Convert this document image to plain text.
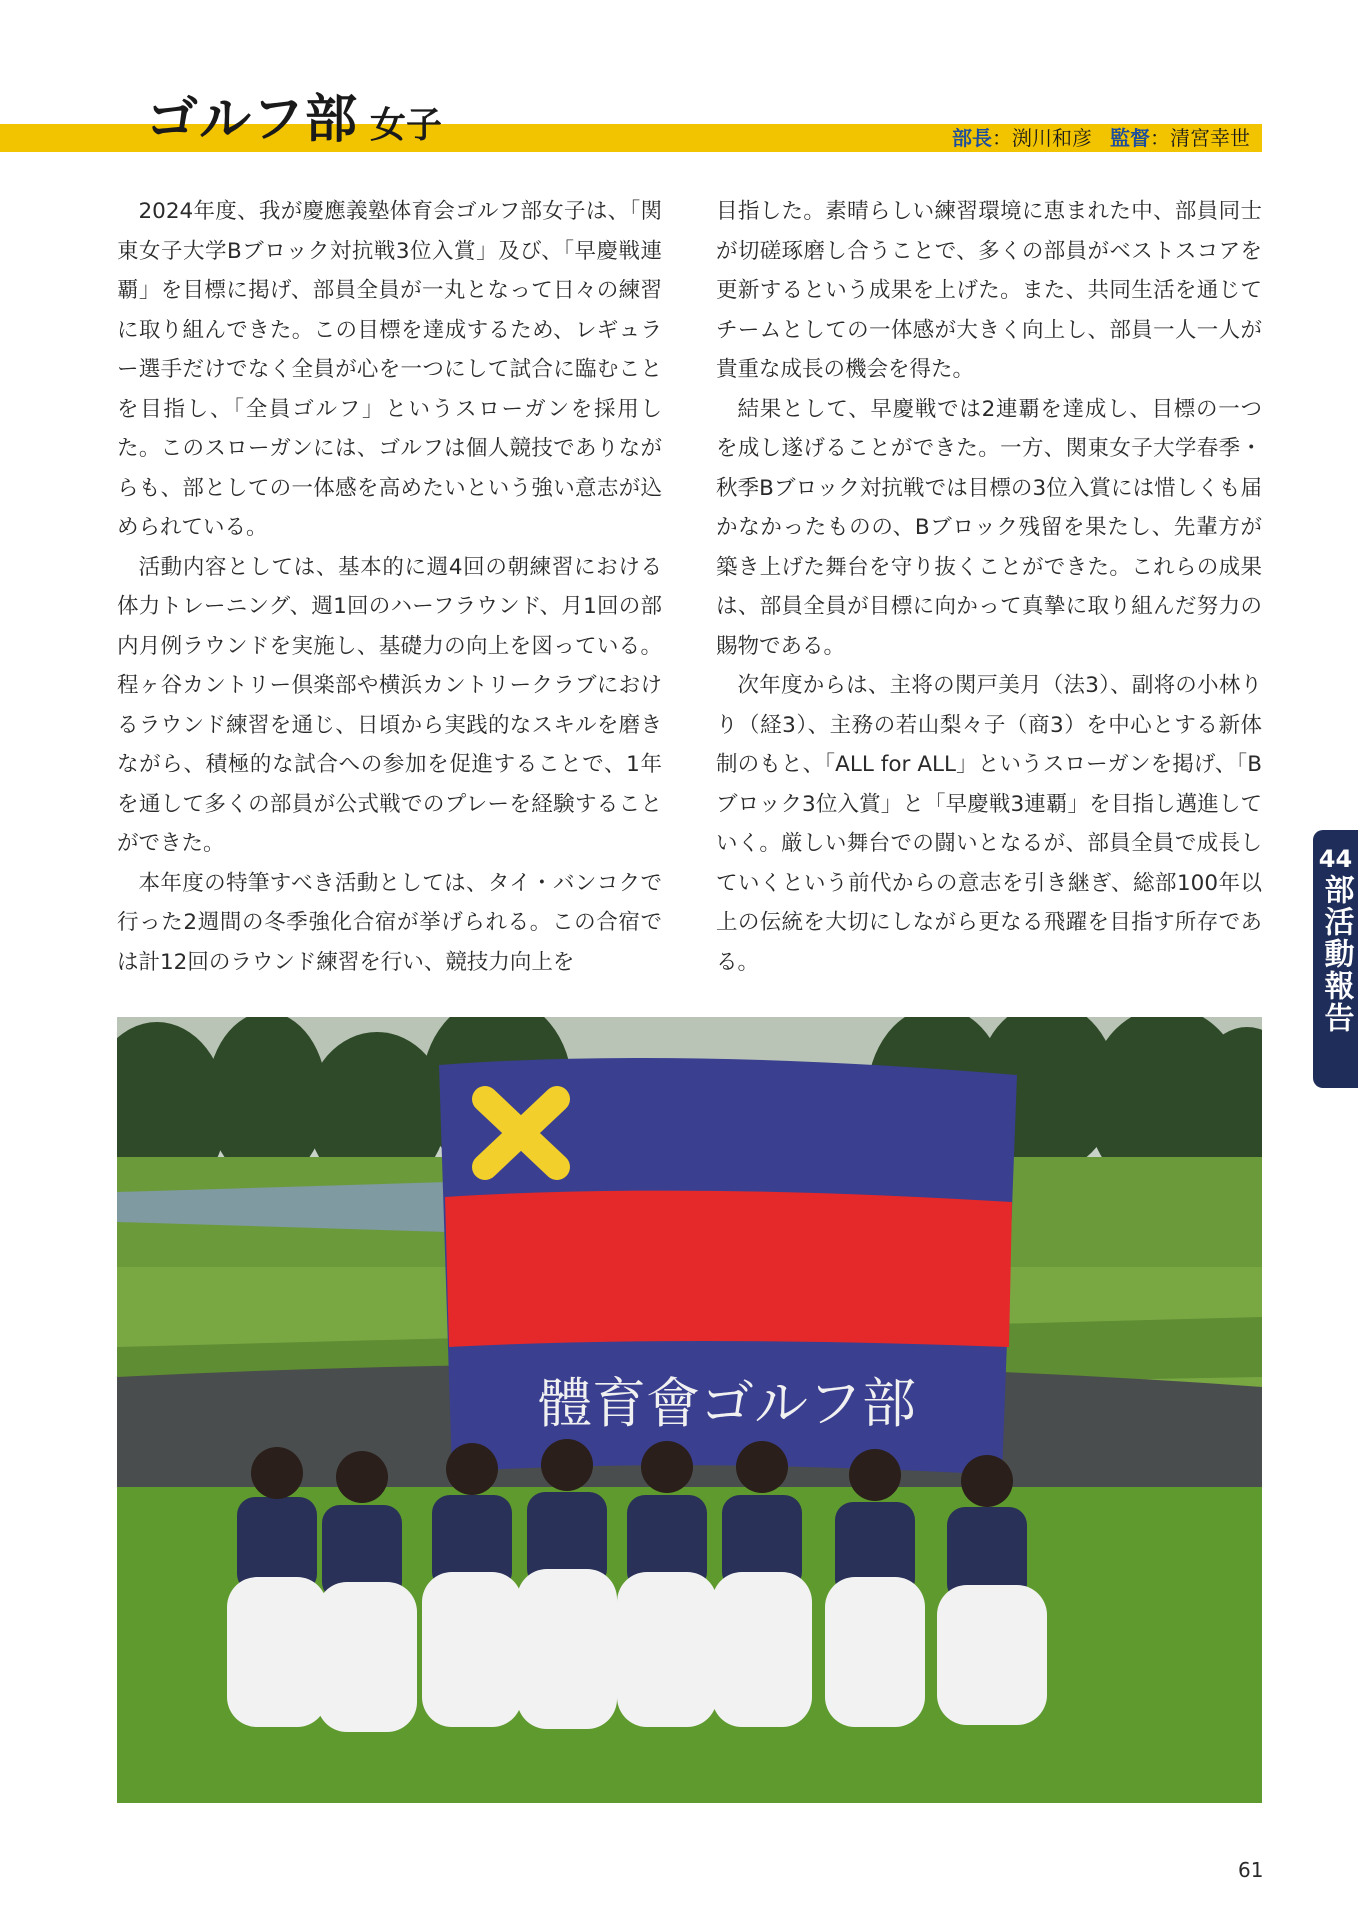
ゴルフ部 女子	部長：渕川和彦 監督：清宮幸世

2024年度、我が慶應義塾体育会ゴルフ部女子は、「関東女子大学Bブロック対抗戦3位入賞」及び、「早慶戦連覇」を目標に掲げ、部員全員が一丸となって日々の練習に取り組んできた。この目標を達成するため、レギュラー選手だけでなく全員が心を一つにして試合に臨むことを目指し、「全員ゴルフ」というスローガンを採用した。このスローガンには、ゴルフは個人競技でありながらも、部としての一体感を高めたいという強い意志が込められている。

活動内容としては、基本的に週4回の朝練習における体力トレーニング、週1回のハーフラウンド、月1回の部内月例ラウンドを実施し、基礎力の向上を図っている。程ヶ谷カントリー倶楽部や横浜カントリークラブにおけるラウンド練習を通じ、日頃から実践的なスキルを磨きながら、積極的な試合への参加を促進することで、1年を通して多くの部員が公式戦でのプレーを経験することができた。

本年度の特筆すべき活動としては、タイ・バンコクで行った2週間の冬季強化合宿が挙げられる。この合宿では計12回のラウンド練習を行い、競技力向上を

目指した。素晴らしい練習環境に恵まれた中、部員同士が切磋琢磨し合うことで、多くの部員がベストスコアを更新するという成果を上げた。また、共同生活を通じてチームとしての一体感が大きく向上し、部員一人一人が貴重な成長の機会を得た。

結果として、早慶戦では2連覇を達成し、目標の一つを成し遂げることができた。一方、関東女子大学春季・秋季Bブロック対抗戦では目標の3位入賞には惜しくも届かなかったものの、Bブロック残留を果たし、先輩方が築き上げた舞台を守り抜くことができた。これらの成果は、部員全員が目標に向かって真摯に取り組んだ努力の賜物である。

次年度からは、主将の関戸美月（法3）、副将の小林りり（経3）、主務の若山梨々子（商3）を中心とする新体制のもと、「ALL for ALL」というスローガンを掲げ、「Bブロック3位入賞」と「早慶戦3連覇」を目指し邁進していく。厳しい舞台での闘いとなるが、部員全員で成長していくという前代からの意志を引き継ぎ、総部100年以上の伝統を大切にしながら更なる飛躍を目指す所存である。

44
部活動報告
體育會ゴルフ部
61
